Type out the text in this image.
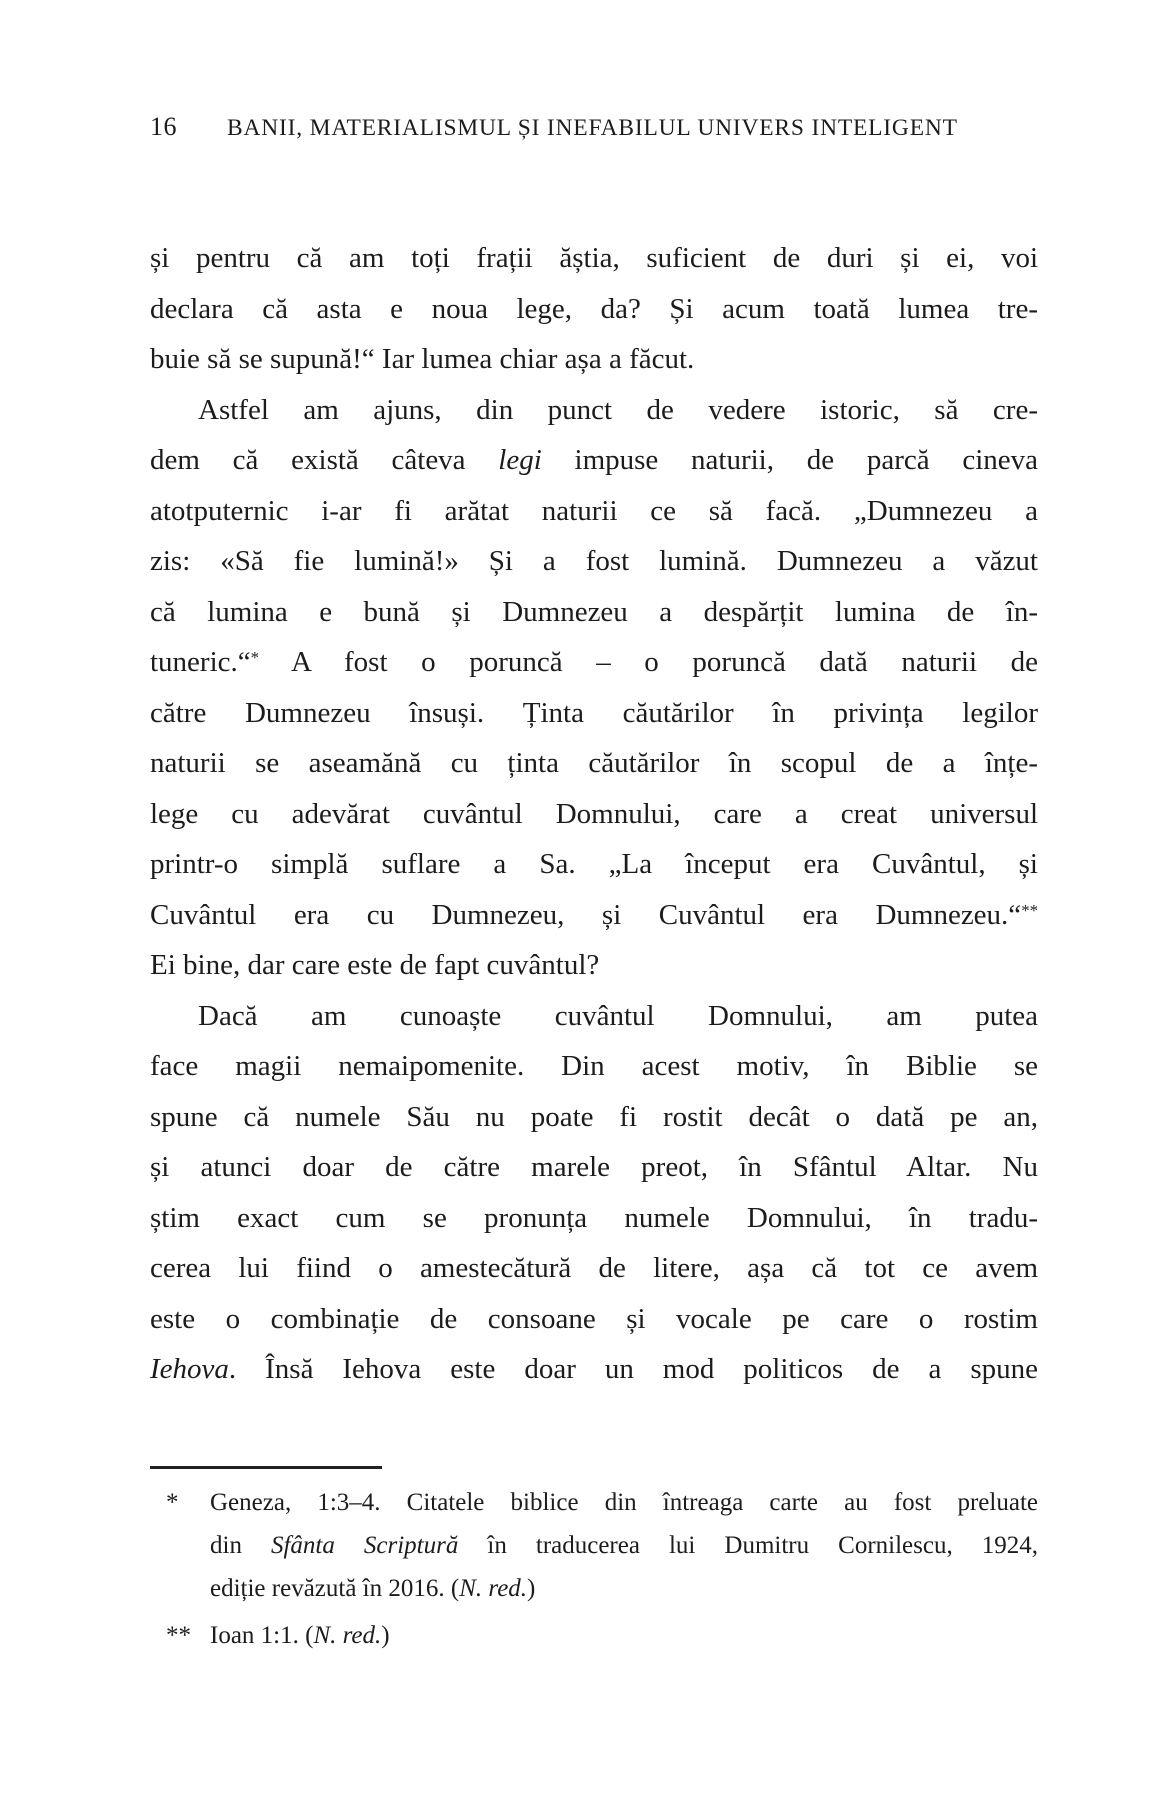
16 BANII, MATERIALISMUL ȘI INEFABILUL UNIVERS INTELIGENT
și pentru că am toți frații ăștia, suficient de duri și ei, voi
declara că asta e noua lege, da? Și acum toată lumea tre-
buie să se supună!“ Iar lumea chiar așa a făcut.
Astfel am ajuns, din punct de vedere istoric, să cre-
dem că există câteva legi impuse naturii, de parcă cineva
atotputernic i-ar fi arătat naturii ce să facă. „Dumnezeu a
zis: «Să fie lumină!» Și a fost lumină. Dumnezeu a văzut
că lumina e bună și Dumnezeu a despărțit lumina de în-
tuneric.“* A fost o poruncă – o poruncă dată naturii de
către Dumnezeu însuși. Ținta căutărilor în privința legilor
naturii se aseamănă cu ținta căutărilor în scopul de a înțe-
lege cu adevărat cuvântul Domnului, care a creat universul
printr-o simplă suflare a Sa. „La început era Cuvântul, și
Cuvântul era cu Dumnezeu, și Cuvântul era Dumnezeu.“**
Ei bine, dar care este de fapt cuvântul?
Dacă am cunoaște cuvântul Domnului, am putea
face magii nemaipomenite. Din acest motiv, în Biblie se
spune că numele Său nu poate fi rostit decât o dată pe an,
și atunci doar de către marele preot, în Sfântul Altar. Nu
știm exact cum se pronunța numele Domnului, în tradu-
cerea lui fiind o amestecătură de litere, așa că tot ce avem
este o combinație de consoane și vocale pe care o rostim
Iehova. Însă Iehova este doar un mod politicos de a spune
*	Geneza, 1:3–4. Citatele biblice din întreaga carte au fost preluate
din Sfânta Scriptură în traducerea lui Dumitru Cornilescu, 1924,
ediție revăzută în 2016. (N. red.)
** Ioan 1:1. (N. red.)
